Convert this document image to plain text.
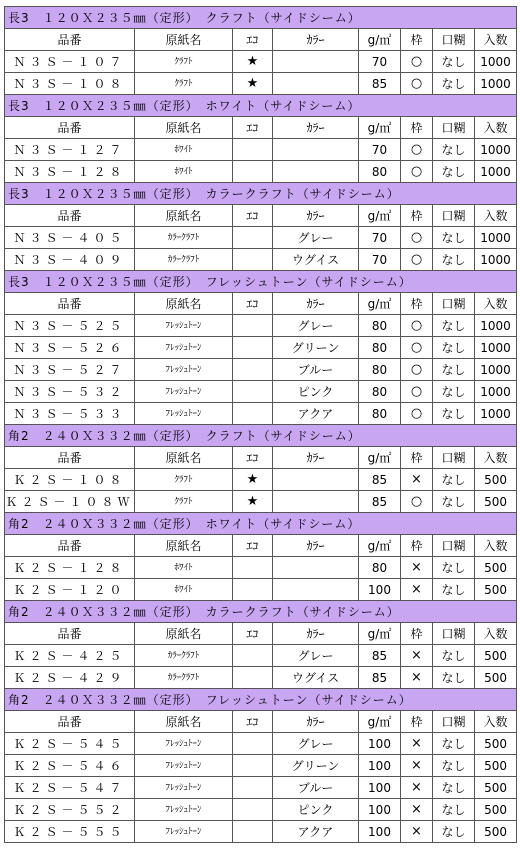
長3　１２０Ｘ２３５㎜（定形）　クラフト（サイドシーム）							
品番	原紙名	ｴｺ	ｶﾗｰ	g/㎡	枠	口糊	入数
Ｎ３Ｓ－１０７	ｸﾗﾌﾄ	★		70	○	なし	1000
Ｎ３Ｓ－１０８	ｸﾗﾌﾄ	★		85	○	なし	1000
長3　１２０Ｘ２３５㎜（定形）　ホワイト（サイドシーム）							
品番	原紙名	ｴｺ	ｶﾗｰ	g/㎡	枠	口糊	入数
Ｎ３Ｓ－１２７	ﾎﾜｲﾄ			70	○	なし	1000
Ｎ３Ｓ－１２８	ﾎﾜｲﾄ			80	○	なし	1000
長3　１２０Ｘ２３５㎜（定形）　カラークラフト（サイドシーム）							
品番	原紙名	ｴｺ	ｶﾗｰ	g/㎡	枠	口糊	入数
Ｎ３Ｓ－４０５	ｶﾗｰｸﾗﾌﾄ		グレー	70	○	なし	1000
Ｎ３Ｓ－４０９	ｶﾗｰｸﾗﾌﾄ		ウグイス	70	○	なし	1000
長3　１２０Ｘ２３５㎜（定形）　フレッシュトーン（サイドシーム）							
品番	原紙名	ｴｺ	ｶﾗｰ	g/㎡	枠	口糊	入数
Ｎ３Ｓ－５２５	ﾌﾚｯｼｭﾄｰﾝ		グレー	80	○	なし	1000
Ｎ３Ｓ－５２６	ﾌﾚｯｼｭﾄｰﾝ		グリーン	80	○	なし	1000
Ｎ３Ｓ－５２７	ﾌﾚｯｼｭﾄｰﾝ		ブルー	80	○	なし	1000
Ｎ３Ｓ－５３２	ﾌﾚｯｼｭﾄｰﾝ		ピンク	80	○	なし	1000
Ｎ３Ｓ－５３３	ﾌﾚｯｼｭﾄｰﾝ		アクア	80	○	なし	1000
角2　２４０Ｘ３３２㎜（定形）　クラフト（サイドシーム）							
品番	原紙名	ｴｺ	ｶﾗｰ	g/㎡	枠	口糊	入数
Ｋ２Ｓ－１０８	ｸﾗﾌﾄ	★		85	×	なし	500
Ｋ２Ｓ－１０８Ｗ	ｸﾗﾌﾄ	★		85	○	なし	500
角2　２４０Ｘ３３２㎜（定形）　ホワイト（サイドシーム）							
品番	原紙名	ｴｺ	ｶﾗｰ	g/㎡	枠	口糊	入数
Ｋ２Ｓ－１２８	ﾎﾜｲﾄ			80	×	なし	500
Ｋ２Ｓ－１２０	ﾎﾜｲﾄ			100	×	なし	500
角2　２４０Ｘ３３２㎜（定形）　カラークラフト（サイドシーム）							
品番	原紙名	ｴｺ	ｶﾗｰ	g/㎡	枠	口糊	入数
Ｋ２Ｓ－４２５	ｶﾗｰｸﾗﾌﾄ		グレー	85	×	なし	500
Ｋ２Ｓ－４２９	ｶﾗｰｸﾗﾌﾄ		ウグイス	85	×	なし	500
角2　２４０Ｘ３３２㎜（定形）　フレッシュトーン（サイドシーム）							
品番	原紙名	ｴｺ	ｶﾗｰ	g/㎡	枠	口糊	入数
Ｋ２Ｓ－５４５	ﾌﾚｯｼｭﾄｰﾝ		グレー	100	×	なし	500
Ｋ２Ｓ－５４６	ﾌﾚｯｼｭﾄｰﾝ		グリーン	100	×	なし	500
Ｋ２Ｓ－５４７	ﾌﾚｯｼｭﾄｰﾝ		ブルー	100	×	なし	500
Ｋ２Ｓ－５５２	ﾌﾚｯｼｭﾄｰﾝ		ピンク	100	×	なし	500
Ｋ２Ｓ－５５５	ﾌﾚｯｼｭﾄｰﾝ		アクア	100	×	なし	500
